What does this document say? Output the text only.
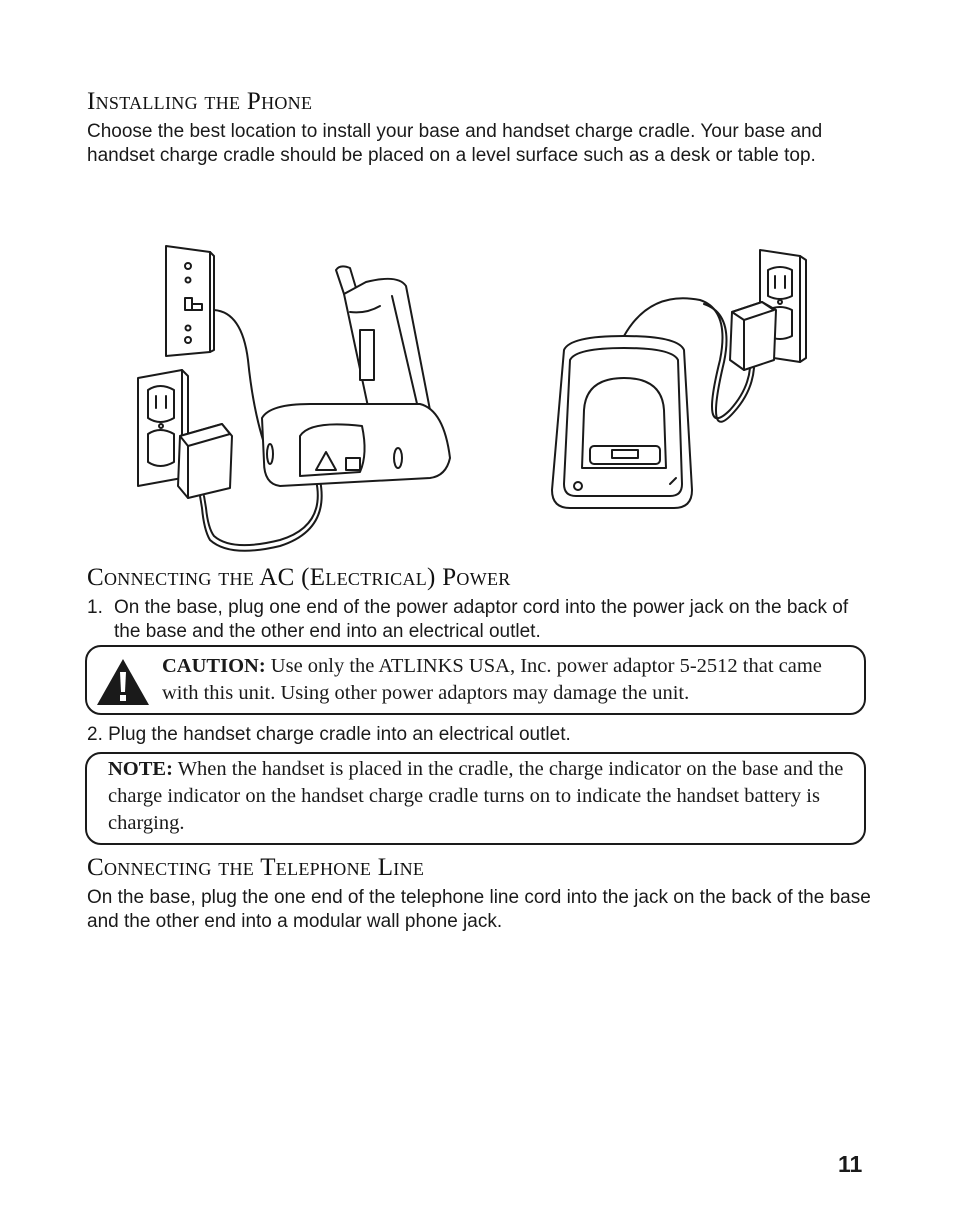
Installing the Phone

Choose the best location to install your base and handset charge cradle. Your base and handset charge cradle should be placed on a level surface such as a desk or table top.

Connecting the AC (Electrical) Power
1. On the base, plug one end of the power adaptor cord into the power jack on the back of the base and the other end into an electrical outlet.

CAUTION: Use only the ATLINKS USA, Inc. power adaptor 5-2512 that came with this unit. Using other power adaptors may damage the unit.

2. Plug the handset charge cradle into an electrical outlet.

NOTE: When the handset is placed in the cradle, the charge indicator on the base and the charge indicator on the handset charge cradle turns on to indicate the handset battery is charging.

Connecting the Telephone Line

On the base, plug the one end of the telephone line cord into the jack on the back of the base and the other end into a modular wall phone jack.

11
